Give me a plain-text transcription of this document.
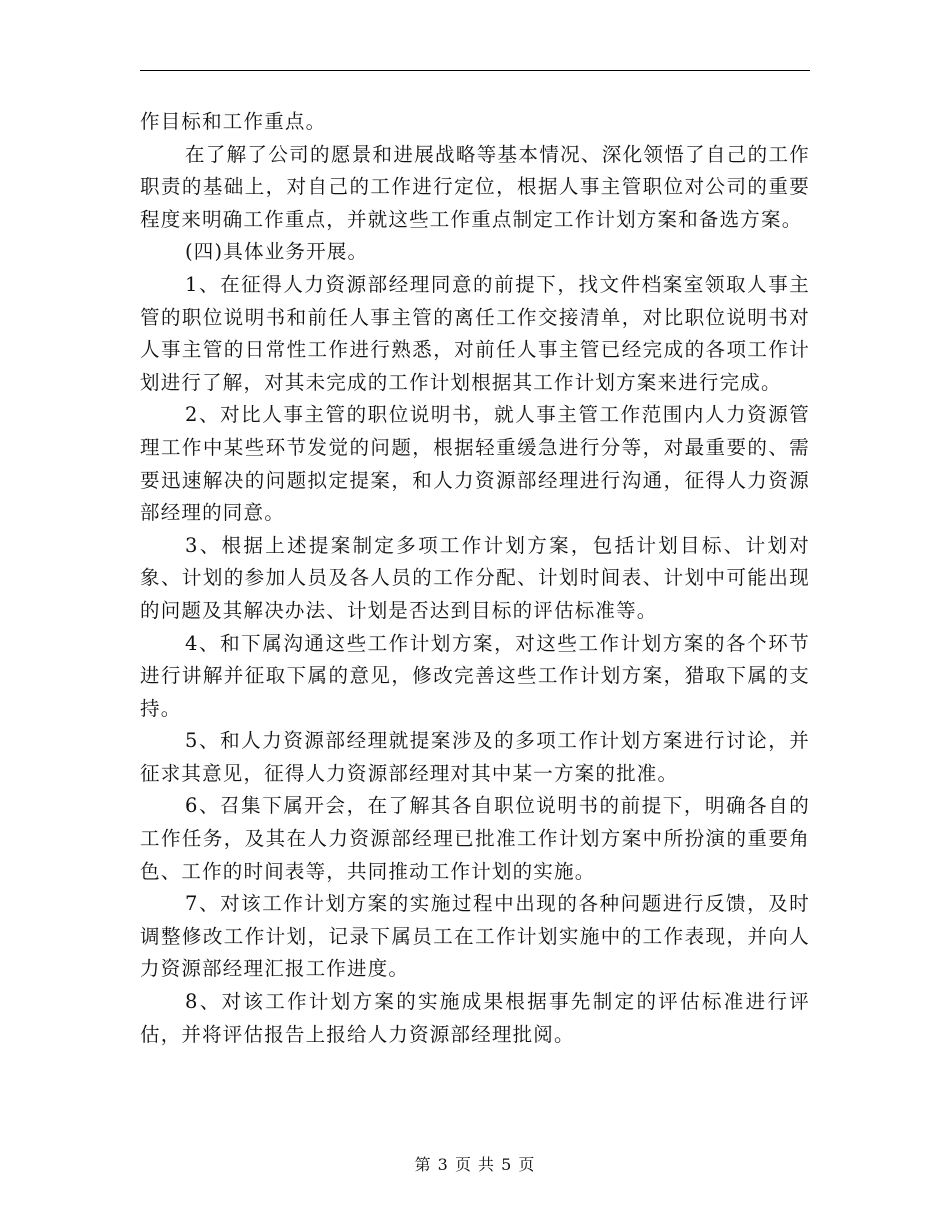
作目标和工作重点。

在了解了公司的愿景和进展战略等基本情况、深化领悟了自己的工作职责的基础上，对自己的工作进行定位，根据人事主管职位对公司的重要程度来明确工作重点，并就这些工作重点制定工作计划方案和备选方案。

(四)具体业务开展。

1、在征得人力资源部经理同意的前提下，找文件档案室领取人事主管的职位说明书和前任人事主管的离任工作交接清单，对比职位说明书对人事主管的日常性工作进行熟悉，对前任人事主管已经完成的各项工作计划进行了解，对其未完成的工作计划根据其工作计划方案来进行完成。

2、对比人事主管的职位说明书，就人事主管工作范围内人力资源管理工作中某些环节发觉的问题，根据轻重缓急进行分等，对最重要的、需要迅速解决的问题拟定提案，和人力资源部经理进行沟通，征得人力资源部经理的同意。

3、根据上述提案制定多项工作计划方案，包括计划目标、计划对象、计划的参加人员及各人员的工作分配、计划时间表、计划中可能出现的问题及其解决办法、计划是否达到目标的评估标准等。

4、和下属沟通这些工作计划方案，对这些工作计划方案的各个环节进行讲解并征取下属的意见，修改完善这些工作计划方案，猎取下属的支持。

5、和人力资源部经理就提案涉及的多项工作计划方案进行讨论，并征求其意见，征得人力资源部经理对其中某一方案的批准。

6、召集下属开会，在了解其各自职位说明书的前提下，明确各自的工作任务，及其在人力资源部经理已批准工作计划方案中所扮演的重要角色、工作的时间表等，共同推动工作计划的实施。

7、对该工作计划方案的实施过程中出现的各种问题进行反馈，及时调整修改工作计划，记录下属员工在工作计划实施中的工作表现，并向人力资源部经理汇报工作进度。

8、对该工作计划方案的实施成果根据事先制定的评估标准进行评估，并将评估报告上报给人力资源部经理批阅。

第 3 页 共 5 页
